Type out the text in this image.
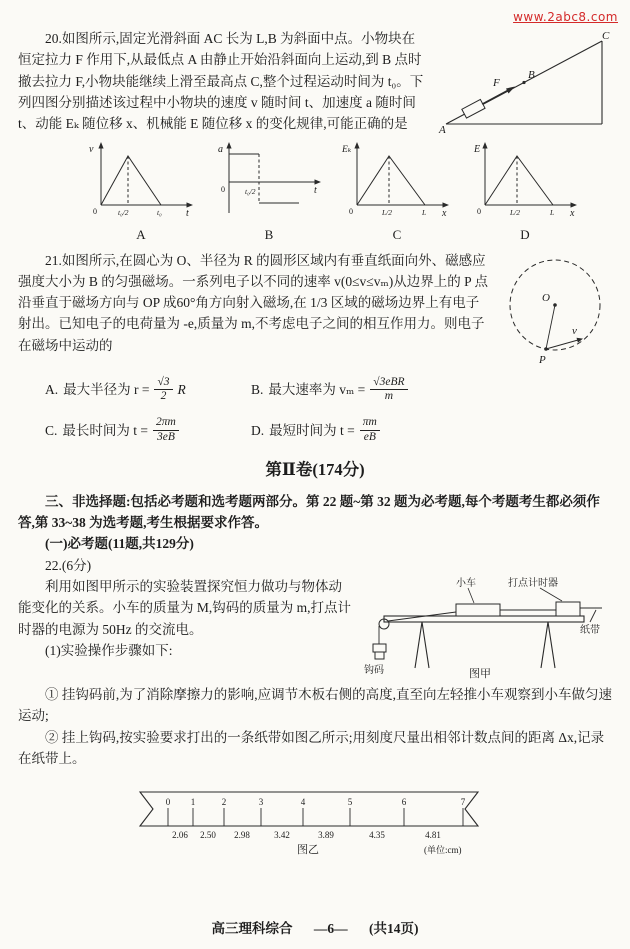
www.2abc8.com
F
B
A
C

20.如图所示,固定光滑斜面 AC 长为 L,B 为斜面中点。小物块在恒定拉力 F 作用下,从最低点 A 由静止开始沿斜面向上运动,到 B 点时撤去拉力 F,小物块能继续上滑至最高点 C,整个过程运动时间为 t₀。下列四图分别描述该过程中小物块的速度 v 随时间 t、加速度 a 随时间 t、动能 Eₖ 随位移 x、机械能 E 随位移 x 的变化规律,可能正确的是

v
0	t₀/2	t₀ t
A
a
0	t₀/2	t
B
Eₖ
0	L/2	L x
C
E
0	L/2	L x
D
O
P
v

21.如图所示,在圆心为 O、半径为 R 的圆形区域内有垂直纸面向外、磁感应强度大小为 B 的匀强磁场。一系列电子以不同的速率 v(0≤v≤vₘ)从边界上的 P 点沿垂直于磁场方向与 OP 成60°角方向射入磁场,在 1/3 区域的磁场边界上有电子射出。已知电子的电荷量为 -e,质量为 m,不考虑电子之间的相互作用力。则电子在磁场中运动的

A. 最大半径为 $r = \frac{√3}{2}$ R	B. 最大速率为 $v_m = \frac{\text{√3eBR}}{m}$
C. 最长时间为 $t = \frac{2\pi m}{3eB}$	D. 最短时间为 $t = \frac{\pi m}{eB}$
第Ⅱ卷(174分)

三、非选择题:包括必考题和选考题两部分。第 22 题~第 32 题为必考题,每个考题考生都必须作答,第 33~38 为选考题,考生根据要求作答。

(一)必考题(11题,共129分)

22.(6分)

小车	打点计时器
纸带
钩码	图甲

利用如图甲所示的实验装置探究恒力做功与物体动能变化的关系。小车的质量为 M,钩码的质量为 m,打点计时器的电源为 50Hz 的交流电。

(1)实验操作步骤如下:

① 挂钩码前,为了消除摩擦力的影响,应调节木板右侧的高度,直至向左轻推小车观察到小车做匀速运动;

② 挂上钩码,按实验要求打出的一条纸带如图乙所示;用刻度尺量出相邻计数点间的距离 Δx,记录在纸带上。

0 1	2	3	4	5	6	7
2.06 2.50 2.98	3.42	3.89	4.35	4.81
图乙	(单位:cm)
高三理科综合 —6— (共14页)
